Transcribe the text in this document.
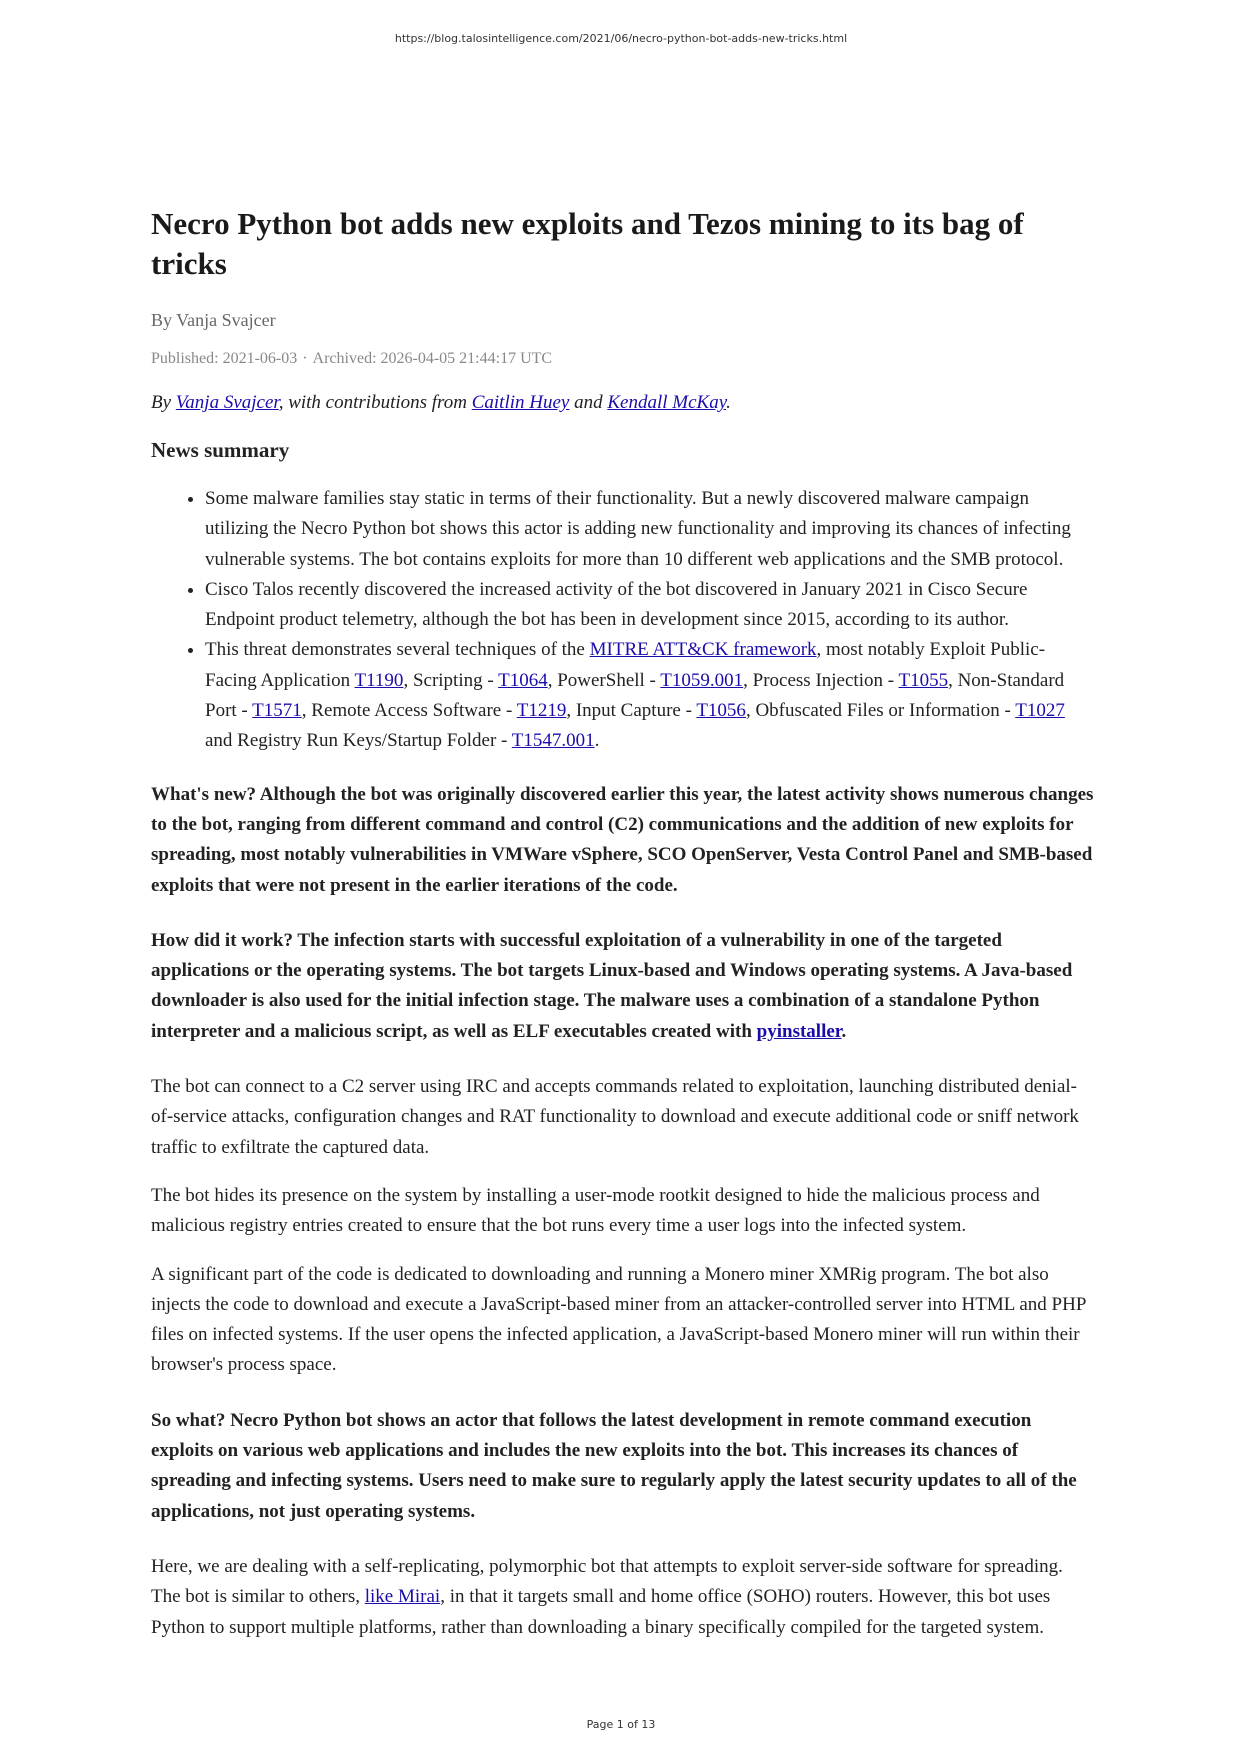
https://blog.talosintelligence.com/2021/06/necro-python-bot-adds-new-tricks.html
Necro Python bot adds new exploits and Tezos mining to its bag of tricks
By Vanja Svajcer
Published: 2021-06-03 · Archived: 2026-04-05 21:44:17 UTC
By Vanja Svajcer, with contributions from Caitlin Huey and Kendall McKay.
News summary
• Some malware families stay static in terms of their functionality. But a newly discovered malware campaign utilizing the Necro Python bot shows this actor is adding new functionality and improving its chances of infecting vulnerable systems. The bot contains exploits for more than 10 different web applications and the SMB protocol.
• Cisco Talos recently discovered the increased activity of the bot discovered in January 2021 in Cisco Secure Endpoint product telemetry, although the bot has been in development since 2015, according to its author.
• This threat demonstrates several techniques of the MITRE ATT&CK framework, most notably Exploit Public-Facing Application T1190, Scripting - T1064, PowerShell - T1059.001, Process Injection - T1055, Non-Standard Port - T1571, Remote Access Software - T1219, Input Capture - T1056, Obfuscated Files or Information - T1027 and Registry Run Keys/Startup Folder - T1547.001.

What's new? Although the bot was originally discovered earlier this year, the latest activity shows numerous changes to the bot, ranging from different command and control (C2) communications and the addition of new exploits for spreading, most notably vulnerabilities in VMWare vSphere, SCO OpenServer, Vesta Control Panel and SMB-based exploits that were not present in the earlier iterations of the code.

How did it work? The infection starts with successful exploitation of a vulnerability in one of the targeted applications or the operating systems. The bot targets Linux-based and Windows operating systems. A Java-based downloader is also used for the initial infection stage. The malware uses a combination of a standalone Python interpreter and a malicious script, as well as ELF executables created with pyinstaller.

The bot can connect to a C2 server using IRC and accepts commands related to exploitation, launching distributed denial-of-service attacks, configuration changes and RAT functionality to download and execute additional code or sniff network traffic to exfiltrate the captured data.

The bot hides its presence on the system by installing a user-mode rootkit designed to hide the malicious process and malicious registry entries created to ensure that the bot runs every time a user logs into the infected system.

A significant part of the code is dedicated to downloading and running a Monero miner XMRig program. The bot also injects the code to download and execute a JavaScript-based miner from an attacker-controlled server into HTML and PHP files on infected systems. If the user opens the infected application, a JavaScript-based Monero miner will run within their browser's process space.

So what? Necro Python bot shows an actor that follows the latest development in remote command execution exploits on various web applications and includes the new exploits into the bot. This increases its chances of spreading and infecting systems. Users need to make sure to regularly apply the latest security updates to all of the applications, not just operating systems.

Here, we are dealing with a self-replicating, polymorphic bot that attempts to exploit server-side software for spreading. The bot is similar to others, like Mirai, in that it targets small and home office (SOHO) routers. However, this bot uses Python to support multiple platforms, rather than downloading a binary specifically compiled for the targeted system.

Page 1 of 13
